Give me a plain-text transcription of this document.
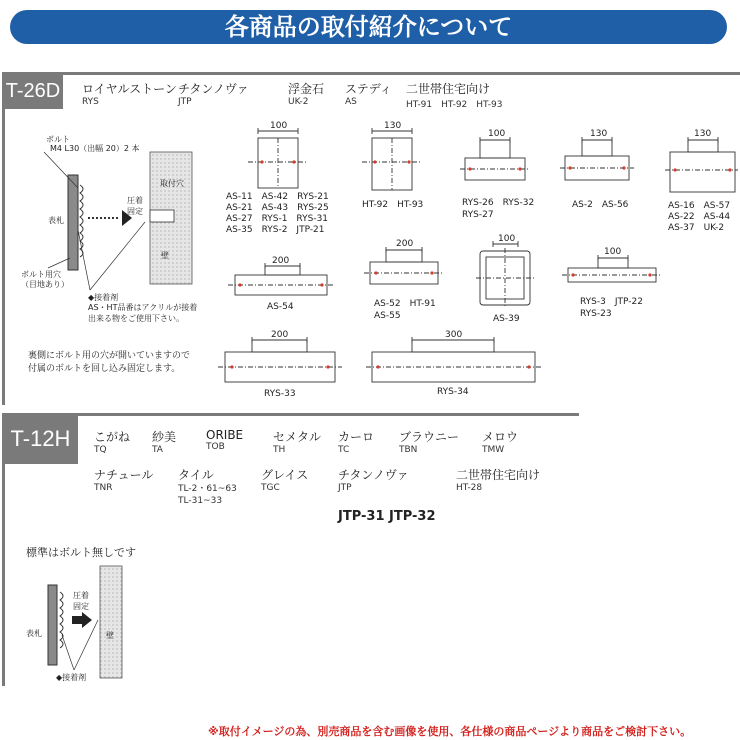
各商品の取付紹介について
T-26D ロイヤルストーン
RYS
チタンノヴァ
JTP
浮金石
UK-2
ステディ
AS
二世帯住宅向け
HT-91　HT-92　HT-93
ボルト
M4 L30（出幅 20）2 本
取付穴
圧着
固定
表札
壁
ボルト用穴
（目地あり）
◆接着剤
AS・HT品番はアクリルが接着
出来る物をご使用下さい。
裏側にボルト用の穴が開いていますので
付属のボルトを回し込み固定します。
100	130
100	130	130
200
200	100
100
200	300
AS-11　AS-42　RYS-21
AS-21　AS-43　RYS-25
AS-27　RYS-1　RYS-31
AS-35　RYS-2　JTP-21
HT-92　HT-93	RYS-26　RYS-32
RYS-27
AS-2　AS-56	AS-16　AS-57
AS-22　AS-44
AS-37　UK-2
AS-54	AS-52　HT-91
AS-55	AS-39
RYS-3　JTP-22
RYS-23
RYS-33	RYS-34
T-12H	こがね
TQ
紗美
TA
ORIBE
TOB
セメタル
TH
カーロ
TC
ブラウニー
TBN
メロウ
TMW
ナチュール
TNR
タイル
TL-2・61~63
TL-31~33
グレイス
TGC
チタンノヴァ
JTP
二世帯住宅向け
HT-28
JTP-31 JTP-32
標準はボルト無しです
圧着
固定
表札	壁
◆接着剤
※取付イメージの為、別売商品を含む画像を使用、各仕様の商品ページより商品をご検討下さい。
